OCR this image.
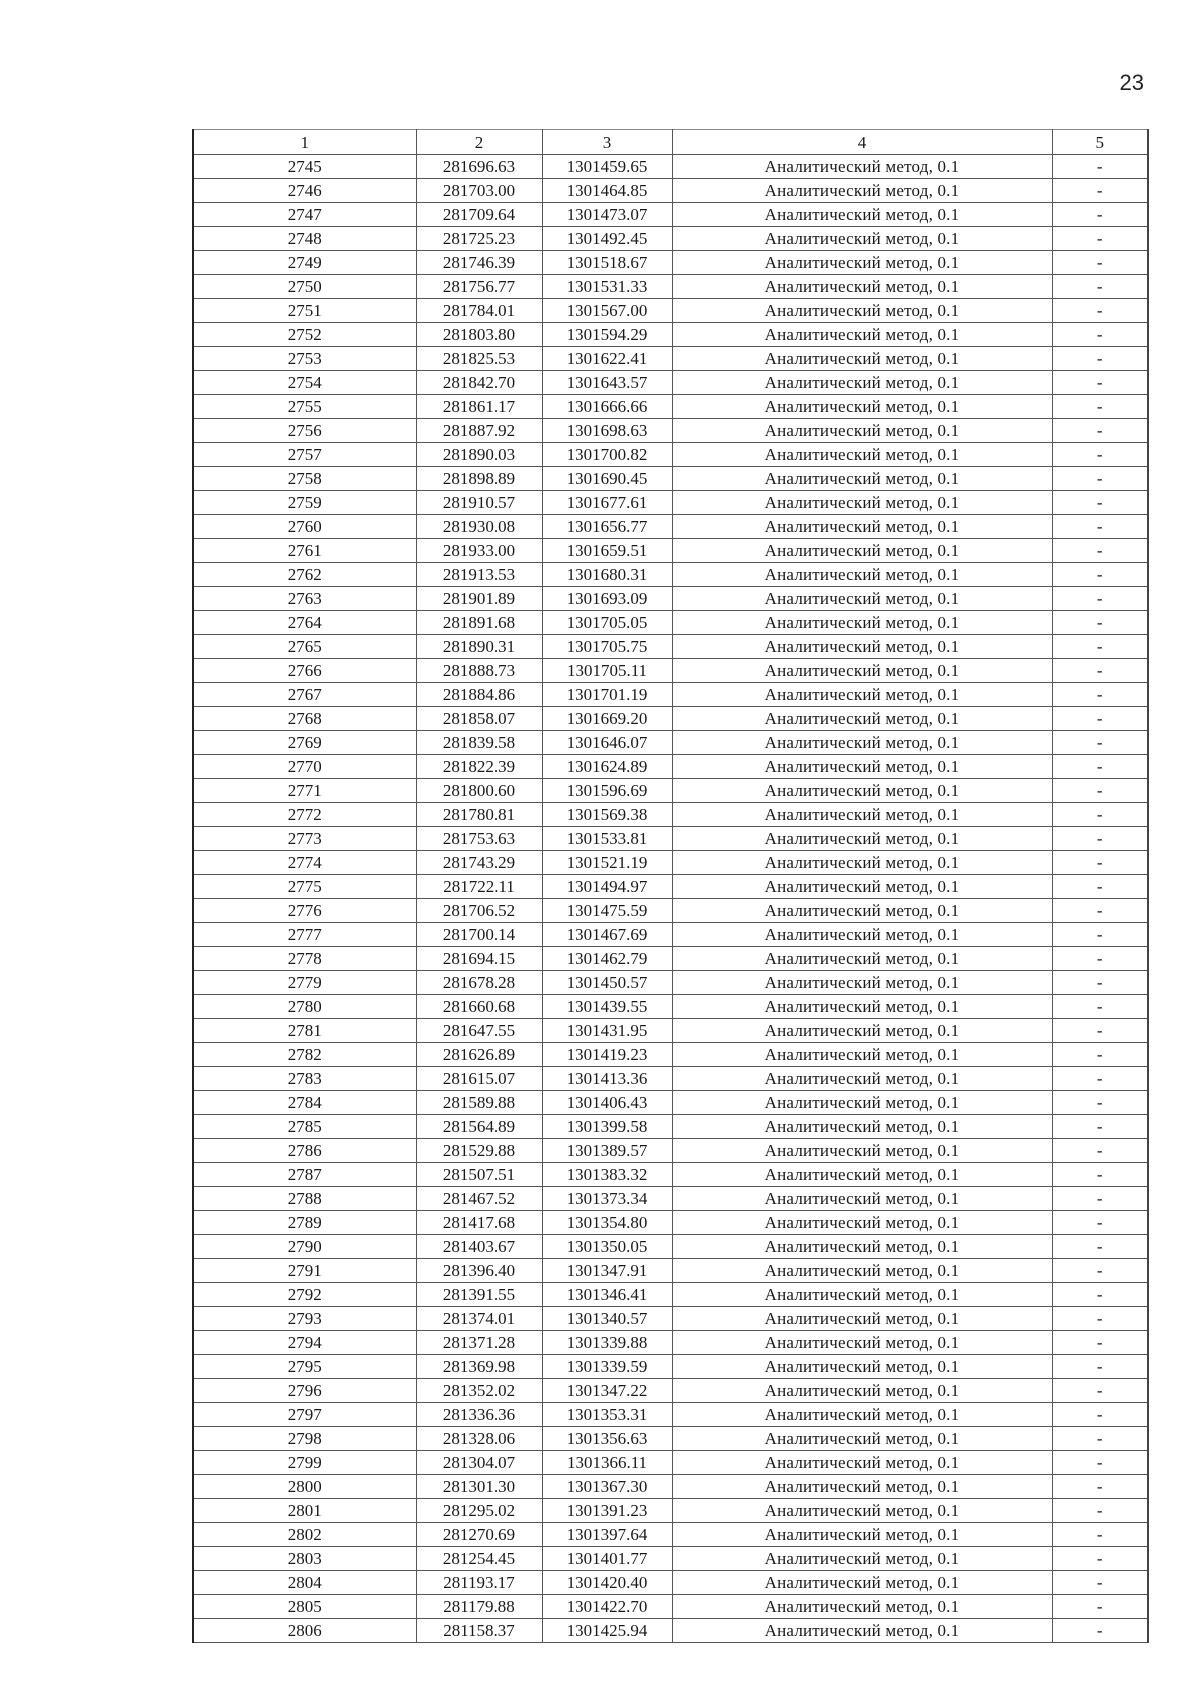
23
1	2	3	4	5
2745	281696.63	1301459.65	Аналитический метод, 0.1	-
2746	281703.00	1301464.85	Аналитический метод, 0.1	-
2747	281709.64	1301473.07	Аналитический метод, 0.1	-
2748	281725.23	1301492.45	Аналитический метод, 0.1	-
2749	281746.39	1301518.67	Аналитический метод, 0.1	-
2750	281756.77	1301531.33	Аналитический метод, 0.1	-
2751	281784.01	1301567.00	Аналитический метод, 0.1	-
2752	281803.80	1301594.29	Аналитический метод, 0.1	-
2753	281825.53	1301622.41	Аналитический метод, 0.1	-
2754	281842.70	1301643.57	Аналитический метод, 0.1	-
2755	281861.17	1301666.66	Аналитический метод, 0.1	-
2756	281887.92	1301698.63	Аналитический метод, 0.1	-
2757	281890.03	1301700.82	Аналитический метод, 0.1	-
2758	281898.89	1301690.45	Аналитический метод, 0.1	-
2759	281910.57	1301677.61	Аналитический метод, 0.1	-
2760	281930.08	1301656.77	Аналитический метод, 0.1	-
2761	281933.00	1301659.51	Аналитический метод, 0.1	-
2762	281913.53	1301680.31	Аналитический метод, 0.1	-
2763	281901.89	1301693.09	Аналитический метод, 0.1	-
2764	281891.68	1301705.05	Аналитический метод, 0.1	-
2765	281890.31	1301705.75	Аналитический метод, 0.1	-
2766	281888.73	1301705.11	Аналитический метод, 0.1	-
2767	281884.86	1301701.19	Аналитический метод, 0.1	-
2768	281858.07	1301669.20	Аналитический метод, 0.1	-
2769	281839.58	1301646.07	Аналитический метод, 0.1	-
2770	281822.39	1301624.89	Аналитический метод, 0.1	-
2771	281800.60	1301596.69	Аналитический метод, 0.1	-
2772	281780.81	1301569.38	Аналитический метод, 0.1	-
2773	281753.63	1301533.81	Аналитический метод, 0.1	-
2774	281743.29	1301521.19	Аналитический метод, 0.1	-
2775	281722.11	1301494.97	Аналитический метод, 0.1	-
2776	281706.52	1301475.59	Аналитический метод, 0.1	-
2777	281700.14	1301467.69	Аналитический метод, 0.1	-
2778	281694.15	1301462.79	Аналитический метод, 0.1	-
2779	281678.28	1301450.57	Аналитический метод, 0.1	-
2780	281660.68	1301439.55	Аналитический метод, 0.1	-
2781	281647.55	1301431.95	Аналитический метод, 0.1	-
2782	281626.89	1301419.23	Аналитический метод, 0.1	-
2783	281615.07	1301413.36	Аналитический метод, 0.1	-
2784	281589.88	1301406.43	Аналитический метод, 0.1	-
2785	281564.89	1301399.58	Аналитический метод, 0.1	-
2786	281529.88	1301389.57	Аналитический метод, 0.1	-
2787	281507.51	1301383.32	Аналитический метод, 0.1	-
2788	281467.52	1301373.34	Аналитический метод, 0.1	-
2789	281417.68	1301354.80	Аналитический метод, 0.1	-
2790	281403.67	1301350.05	Аналитический метод, 0.1	-
2791	281396.40	1301347.91	Аналитический метод, 0.1	-
2792	281391.55	1301346.41	Аналитический метод, 0.1	-
2793	281374.01	1301340.57	Аналитический метод, 0.1	-
2794	281371.28	1301339.88	Аналитический метод, 0.1	-
2795	281369.98	1301339.59	Аналитический метод, 0.1	-
2796	281352.02	1301347.22	Аналитический метод, 0.1	-
2797	281336.36	1301353.31	Аналитический метод, 0.1	-
2798	281328.06	1301356.63	Аналитический метод, 0.1	-
2799	281304.07	1301366.11	Аналитический метод, 0.1	-
2800	281301.30	1301367.30	Аналитический метод, 0.1	-
2801	281295.02	1301391.23	Аналитический метод, 0.1	-
2802	281270.69	1301397.64	Аналитический метод, 0.1	-
2803	281254.45	1301401.77	Аналитический метод, 0.1	-
2804	281193.17	1301420.40	Аналитический метод, 0.1	-
2805	281179.88	1301422.70	Аналитический метод, 0.1	-
2806	281158.37	1301425.94	Аналитический метод, 0.1	-
